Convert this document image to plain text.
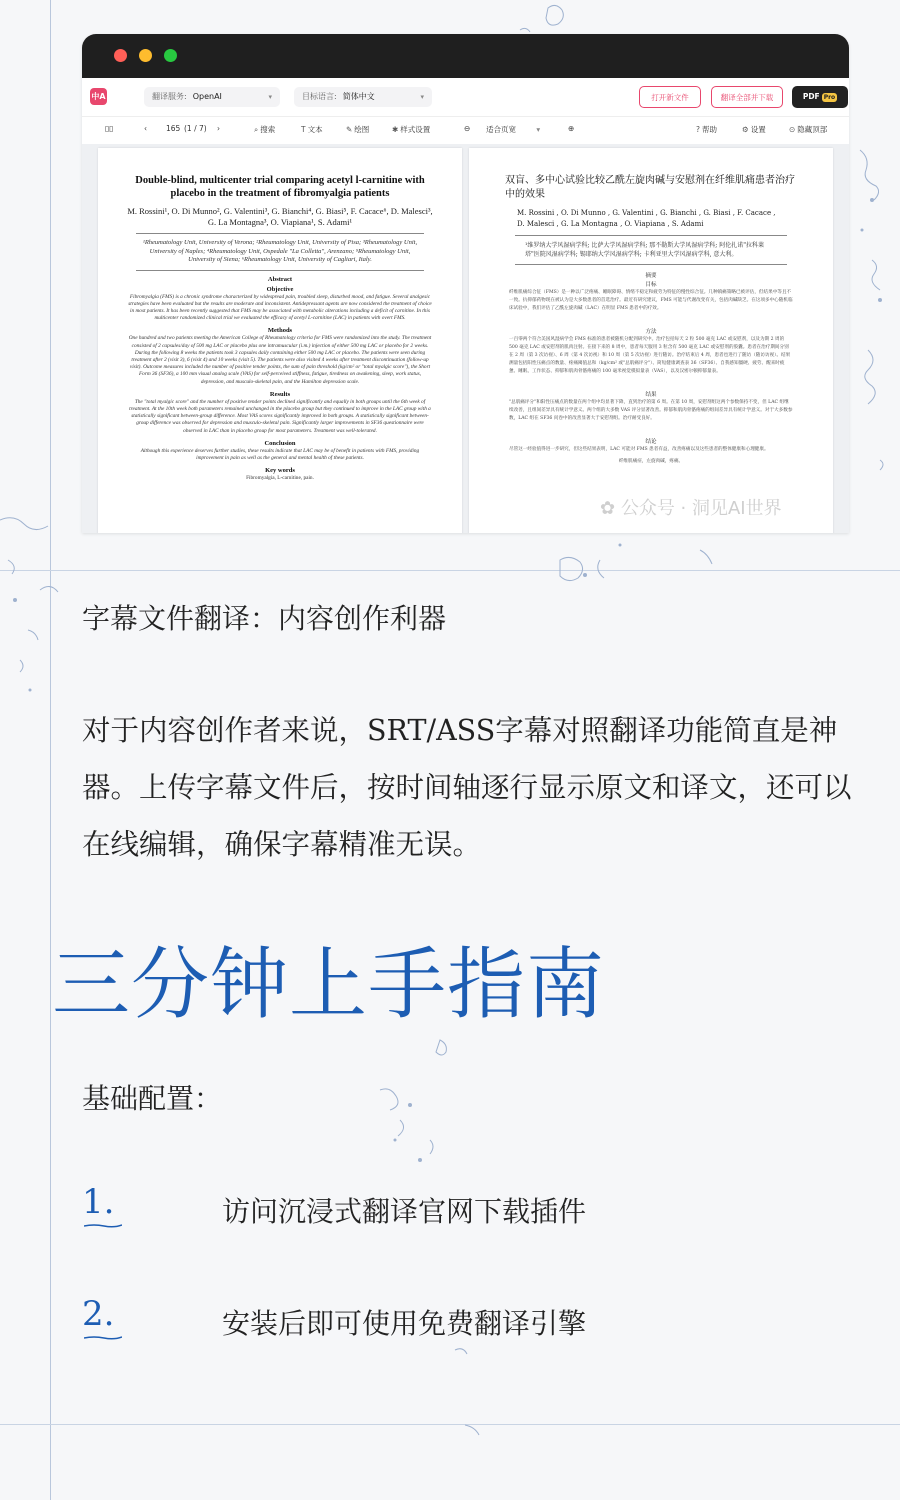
中A	翻译服务: OpenAI	▾	目标语言: 简体中文	▾	打开新文件	翻译全部并下载	PDF Pro
▯▯	‹	165 (1 / 7) ›	⌕ 搜索	T 文本	✎ 绘图	✱ 样式设置	⊖ 适合页宽	▾	⊕	? 帮助	⚙ 设置	⊙ 隐藏顶部
Double-blind, multicenter trial comparing acetyl l-carnitine with placebo in the treatment of fibromyalgia patients
M. Rossini¹, O. Di Munno², G. Valentini³, G. Bianchi⁴, G. Biasi⁵, F. Cacace⁶, D. Malesci³, G. La Montagna³, O. Viapiana¹, S. Adami¹
¹Rheumatology Unit, University of Verona; ²Rheumatology Unit, University of Pisa; ³Rheumatology Unit, University of Naples; ⁴Rheumatology Unit, Ospedale "La Colletta", Arenzano; ⁵Rheumatology Unit, University of Siena; ⁶Rheumatology Unit, University of Cagliari, Italy.
Abstract
Objective
Fibromyalgia (FMS) is a chronic syndrome characterized by widespread pain, troubled sleep, disturbed mood, and fatigue. Several analgesic strategies have been evaluated but the results are moderate and inconsistent. Antidepressant agents are now considered the treatment of choice in most patients. It has been recently suggested that FMS may be associated with metabolic alterations including a deficit of carnitine. In this multicenter randomized clinical trial we evaluated the efficacy of acetyl L-carnitine (LAC) in patients with overt FMS.
Methods
One hundred and two patients meeting the American College of Rheumatology criteria for FMS were randomized into the study. The treatment consisted of 2 capsules/day of 500 mg LAC or placebo plus one intramuscular (i.m.) injection of either 500 mg LAC or placebo for 2 weeks. During the following 8 weeks the patients took 3 capsules daily containing either 500 mg LAC or placebo. The patients were seen during treatment after 2 (visit 3), 6 (visit 4) and 10 weeks (visit 5). The patients were also visited 4 weeks after treatment discontinuation (follow-up visit). Outcome measures included the number of positive tender points, the sum of pain threshold (kg/cm² or "total myalgic score"), the Short Form 36 (SF36), a 100 mm visual analog scale (VAS) for self-perceived stiffness, fatigue, tiredness on awakening, sleep, work status, depression, and musculo-skeletal pain, and the Hamilton depression scale.
Results
The "total myalgic score" and the number of positive tender points declined significantly and equally in both groups until the 6th week of treatment. At the 10th week both parameters remained unchanged in the placebo group but they continued to improve in the LAC group with a statistically significant between-group difference. Most VAS scores significantly improved in both groups. A statistically significant between-group difference was observed for depression and musculo-skeletal pain. Significantly larger improvements in SF36 questionnaire were observed in LAC than in placebo group for most parameters. Treatment was well-tolerated.
Conclusion
Although this experience deserves further studies, these results indicate that LAC may be of benefit in patients with FMS, providing improvement in pain as well as the general and mental health of these patients.
Key words
Fibromyalgia, L-carnitine, pain.
双盲、多中心试验比较乙酰左旋肉碱与安慰剂在纤维肌痛患者治疗中的效果
M. Rossini , O. Di Munno , G. Valentini , G. Bianchi , G. Biasi , F. Cacace , D. Malesci , G. La Montagna , O. Viapiana , S. Adami
¹维罗纳大学风湿病学科; 比萨大学风湿病学科; 那不勒斯大学风湿病学科; 阿伦扎诺"拉科莱塔"医院风湿病学科; 锡耶纳大学风湿病学科; 卡利亚里大学风湿病学科, 意大利。
摘要
目标
纤维肌痛综合征（FMS）是一种以广泛疼痛、睡眠障碍、情绪不稳定和疲劳为特征的慢性综合征。几种镇痛策略已被评估，但结果中等且不一致。抗抑郁药物现在被认为是大多数患者的首选治疗。最近有研究建议，FMS 可能与代谢改变有关，包括肉碱缺乏。在这项多中心随机临床试验中，我们评估了乙酰左旋肉碱（LAC）在明显 FMS 患者中的疗效。
方法
一百零两个符合美国风湿病学会 FMS 标准的患者被随机分配到研究中。治疗包括每天 2 粒 500 毫克 LAC 或安慰剂，以及为期 2 周的 500 毫克 LAC 或安慰剂的肌肉注射。在接下来的 8 周中，患者每天服用 3 粒含有 500 毫克 LAC 或安慰剂的胶囊。患者在治疗期间分别在 2 周（第 3 次访视）、6 周（第 4 次访视）和 10 周（第 5 次访视）进行随访。治疗结束后 4 周，患者也进行了随访（随访访视）。结果测量包括阳性压痛点的数量、疼痛阈值总和（kg/cm² 或"总肌痛评分"）、简短健康调查表 36（SF36）、自我感知僵硬、疲劳、醒来时疲惫、睡眠、工作状态、抑郁和肌肉骨骼疼痛的 100 毫米视觉模拟量表（VAS），以及汉密尔顿抑郁量表。
结果
"总肌痛评分"和阳性压痛点的数量在两个组中均显著下降，直到治疗的第 6 周。在第 10 周，安慰剂组这两个参数保持不变，但 LAC 组继续改善，且组间差异具有统计学意义。两个组的大多数 VAS 评分显著改善。抑郁和肌肉骨骼疼痛的组间差异具有统计学意义。对于大多数参数，LAC 组在 SF36 问卷中的改善显著大于安慰剂组。治疗耐受良好。
结论
尽管这一经验值得进一步研究，但这些结果表明，LAC 可能对 FMS 患者有益，改善疼痛以及这些患者的整体健康和心理健康。
纤维肌痛症，左旋肉碱，疼痛。
✿ 公众号 · 洞见AI世界
字幕文件翻译：内容创作利器
对于内容创作者来说，SRT/ASS字幕对照翻译功能简直是神器。上传字幕文件后，按时间轴逐行显示原文和译文，还可以在线编辑，确保字幕精准无误。
三分钟上手指南
基础配置：
1.	访问沉浸式翻译官网下载插件
2.	安装后即可使用免费翻译引擎
